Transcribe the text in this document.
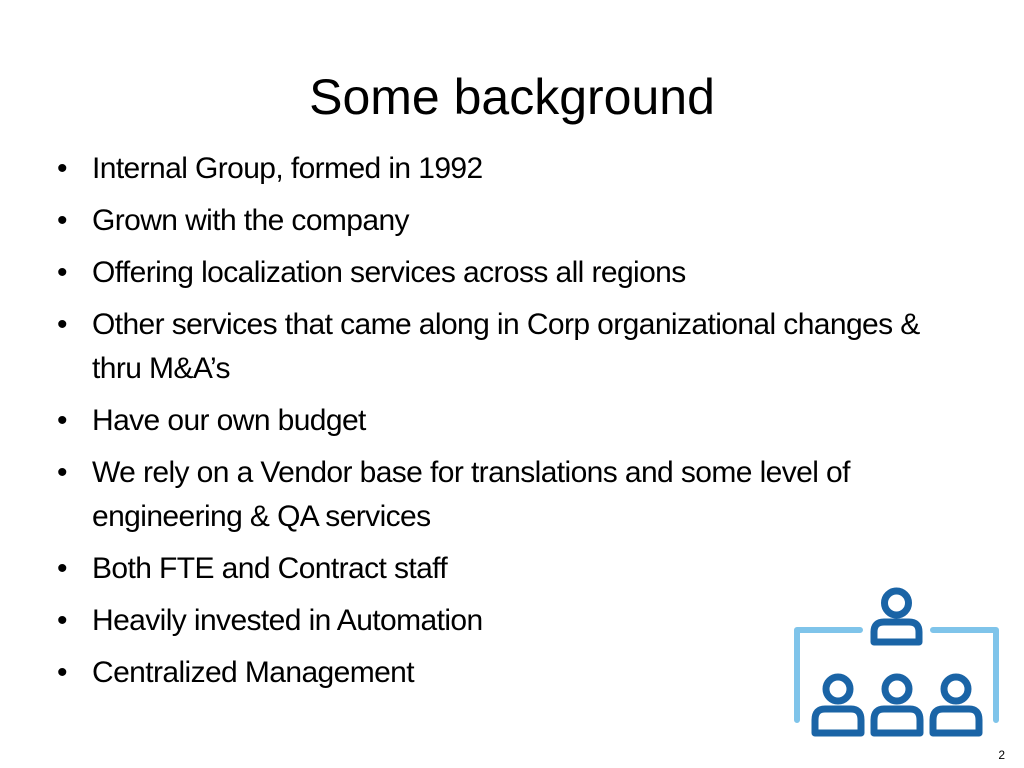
Some background
• Internal Group, formed in 1992
• Grown with the company
• Offering localization services across all regions
• Other services that came along in Corp organizational changes & thru M&A’s
• Have our own budget
• We rely on a Vendor base for translations and some level of engineering & QA services
• Both FTE and Contract staff
• Heavily invested in Automation
• Centralized Management
2
